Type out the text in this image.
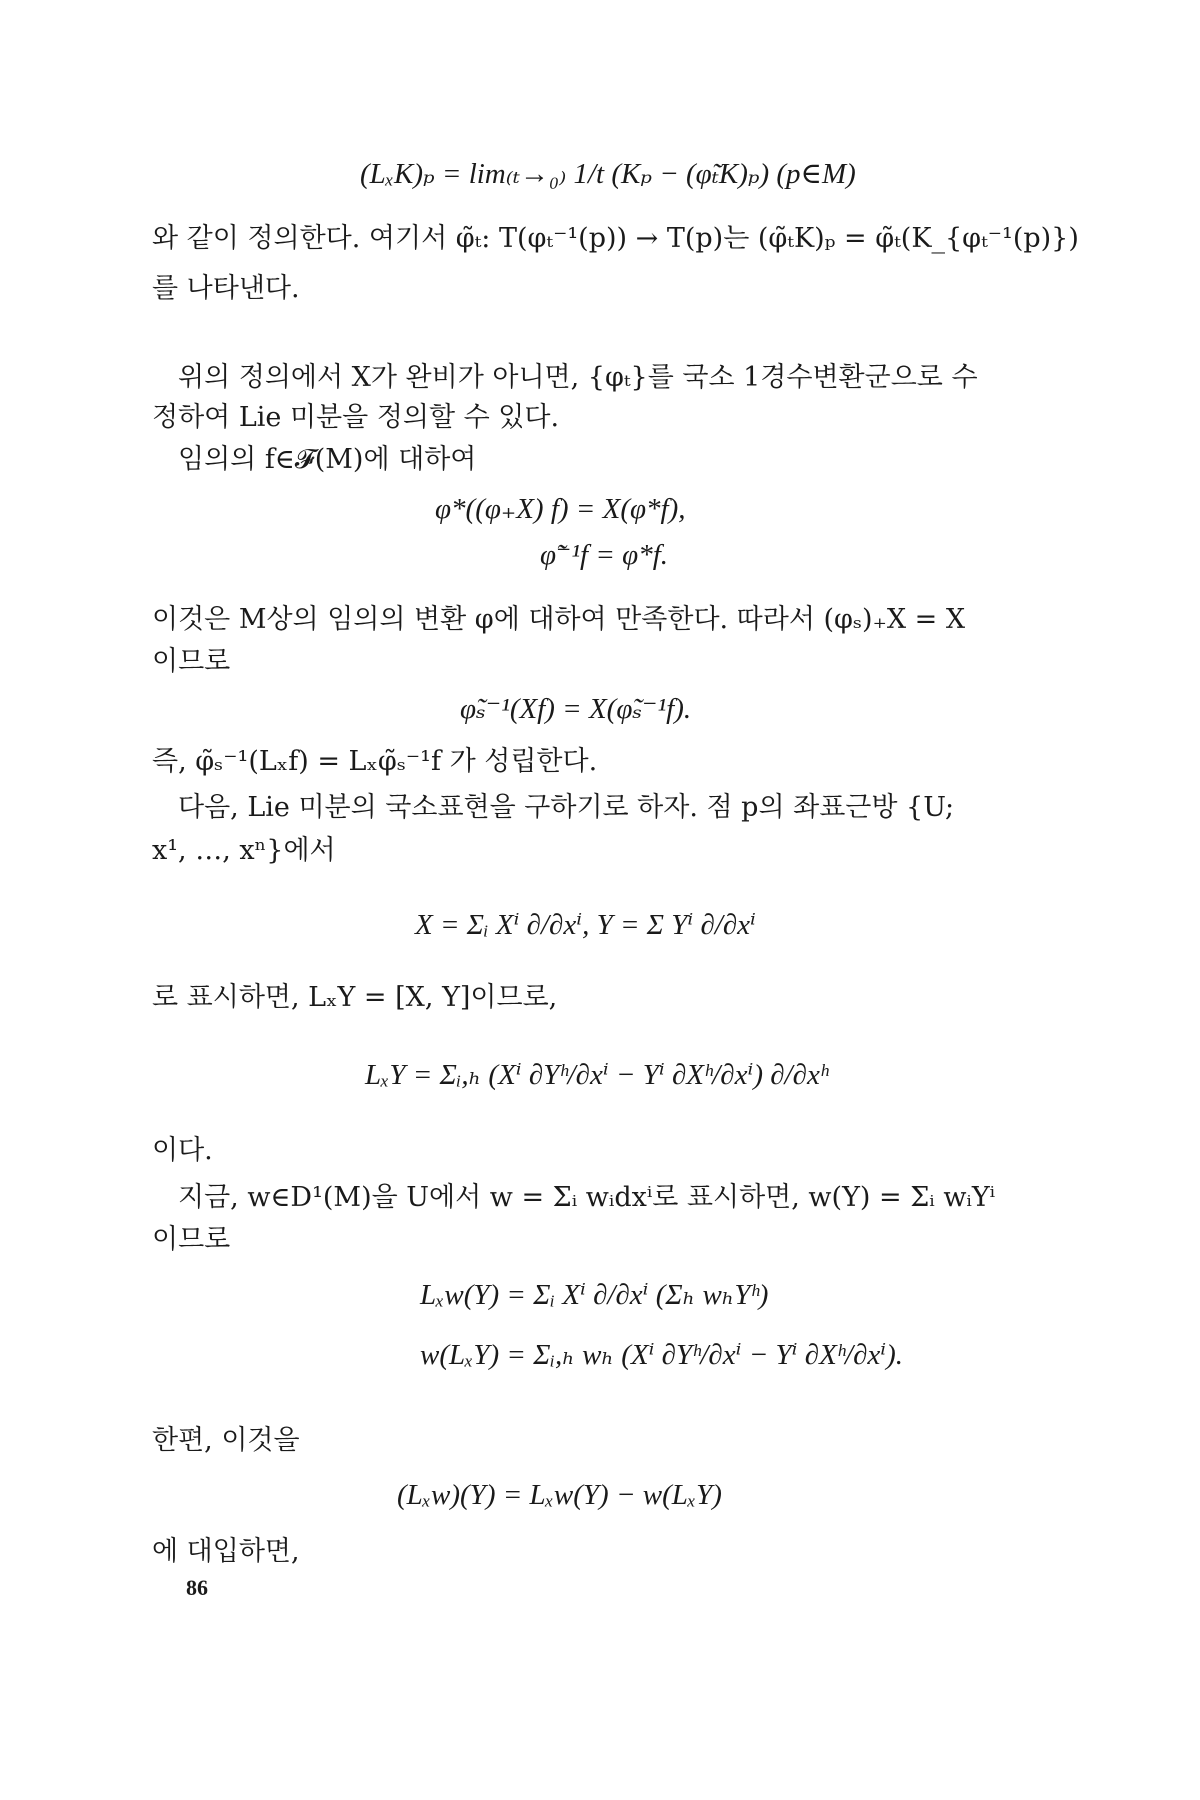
(LₓK)ₚ = lim₍ₜ→₀₎ 1/t (Kₚ − (φ̃ₜK)ₚ) (p∈M)
와 같이 정의한다. 여기서 φ̃ₜ: T(φₜ⁻¹(p)) → T(p)는 (φ̃ₜK)ₚ = φ̃ₜ(K_{φₜ⁻¹(p)})
를 나타낸다.
위의 정의에서 X가 완비가 아니면, {φₜ}를 국소 1경수변환군으로 수
정하여 Lie 미분을 정의할 수 있다.
임의의 f∈𝓕(M)에 대하여
φ*((φ₊X) f) = X(φ*f),
φ̃⁻¹f = φ*f.
이것은 M상의 임의의 변환 φ에 대하여 만족한다. 따라서 (φₛ)₊X = X
이므로
φ̃ₛ⁻¹(Xf) = X(φ̃ₛ⁻¹f).
즉, φ̃ₛ⁻¹(Lₓf) = Lₓφ̃ₛ⁻¹f 가 성립한다.
다음, Lie 미분의 국소표현을 구하기로 하자. 점 p의 좌표근방 {U;
x¹, …, xⁿ}에서
X = Σᵢ Xⁱ ∂/∂xⁱ, Y = Σ Yⁱ ∂/∂xⁱ
로 표시하면, LₓY = [X, Y]이므로,
LₓY = Σᵢ,ₕ (Xⁱ ∂Yʰ/∂xⁱ − Yⁱ ∂Xʰ/∂xⁱ) ∂/∂xʰ
이다.
지금, w∈D¹(M)을 U에서 w = Σᵢ wᵢdxⁱ로 표시하면, w(Y) = Σᵢ wᵢYⁱ
이므로
Lₓw(Y) = Σᵢ Xⁱ ∂/∂xⁱ (Σₕ wₕYʰ)
w(LₓY) = Σᵢ,ₕ wₕ (Xⁱ ∂Yʰ/∂xⁱ − Yⁱ ∂Xʰ/∂xⁱ).
한편, 이것을
(Lₓw)(Y) = Lₓw(Y) − w(LₓY)
에 대입하면,
86
